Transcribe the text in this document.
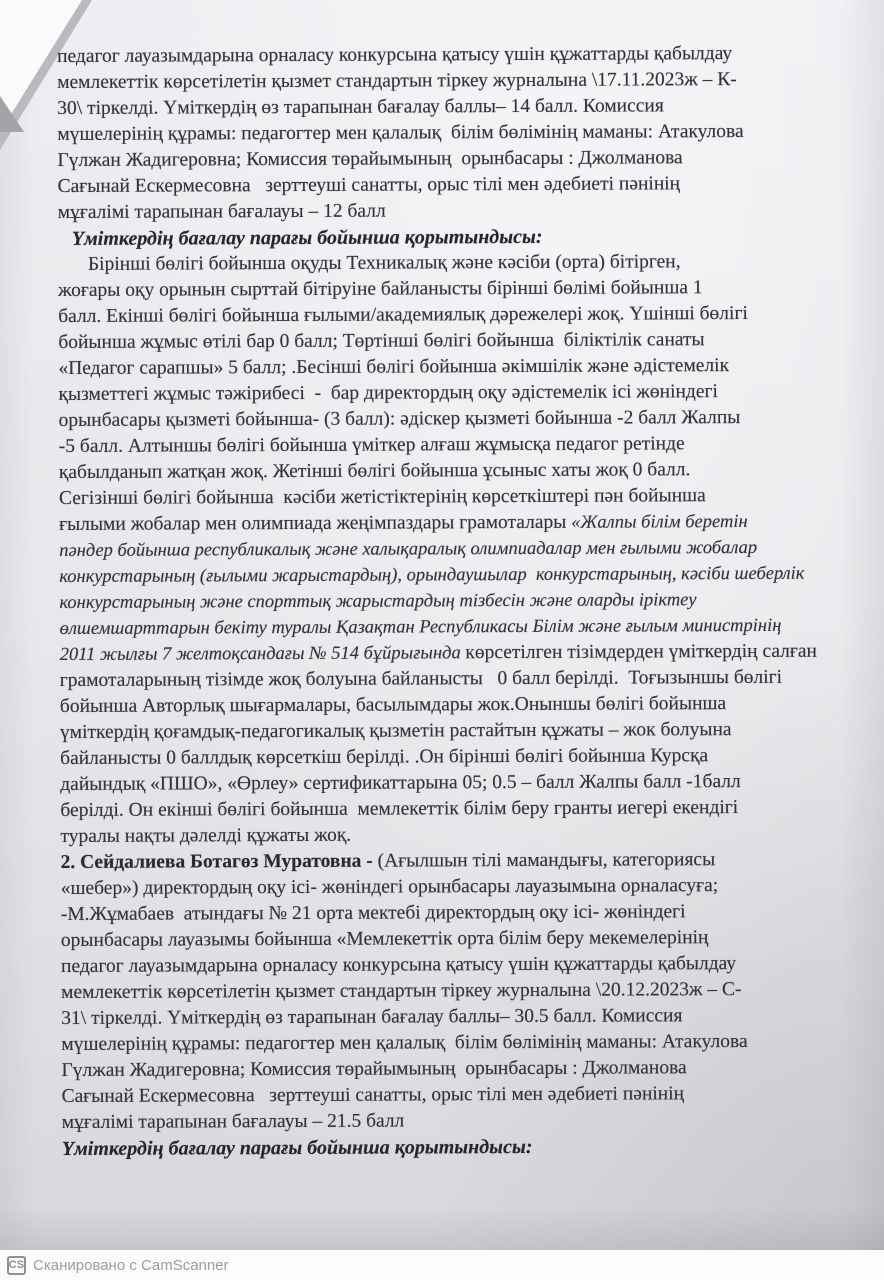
педагог лауазымдарына орналасу конкурсына қатысу үшін құжаттарды қабылдау
мемлекеттік көрсетілетін қызмет стандартын тіркеу журналына \17.11.2023ж – К-
30\ тіркелді. Үміткердің өз тарапынан бағалау баллы– 14 балл. Комиссия
мүшелерінің құрамы: педагогтер мен қалалық  білім бөлімінің маманы: Атакулова
Гүлжан Жадигеровна; Комиссия төрайымының  орынбасары : Джолманова
Сағынай Ескермесовна   зерттеуші санатты, орыс тілі мен әдебиеті пәнінің
мұғалімі тарапынан бағалауы – 12 балл
Үміткердің бағалау парағы бойынша қорытындысы:
Бірінші бөлігі бойынша оқуды Техникалық және кәсіби (орта) бітірген,
жоғары оқу орынын сырттай бітіруіне байланысты бірінші бөлімі бойынша 1
балл. Екінші бөлігі бойынша ғылыми/академиялық дәрежелері жоқ. Үшінші бөлігі
бойынша жұмыс өтілі бар 0 балл; Төртінші бөлігі бойынша  біліктілік санаты
«Педагог сарапшы» 5 балл; .Бесінші бөлігі бойынша әкімшілік және әдістемелік
қызметтегі жұмыс тәжірибесі  -  бар директордың оқу әдістемелік ісі жөніндегі
орынбасары қызметі бойынша- (3 балл): әдіскер қызметі бойынша -2 балл Жалпы
-5 балл. Алтыншы бөлігі бойынша үміткер алғаш жұмысқа педагог ретінде
қабылданып жатқан жоқ. Жетінші бөлігі бойынша ұсыныс хаты жоқ 0 балл.
Сегізінші бөлігі бойынша  кәсіби жетістіктерінің көрсеткіштері пән бойынша
ғылыми жобалар мен олимпиада жеңімпаздары грамоталары «Жалпы білім беретін
пәндер бойынша республикалық және халықаралық олимпиадалар мен ғылыми жобалар
конкурстарының (ғылыми жарыстардың), орындаушылар  конкурстарының, кәсіби шеберлік
конкурстарының және спорттық жарыстардың тізбесін және оларды іріктеу
өлшемшарттарын бекіту туралы Қазақтан Республикасы Білім және ғылым министрінің
2011 жылғы 7 желтоқсандағы № 514 бұйрығында көрсетілген тізімдерден үміткердің салған
грамоталарының тізімде жоқ болуына байланысты   0 балл берілді.  Тоғызыншы бөлігі
бойынша Авторлық шығармалары, басылымдары жок.Оныншы бөлігі бойынша
үміткердің қоғамдық-педагогикалық қызметін растайтын құжаты – жок болуына
байланысты 0 баллдық көрсеткіш берілді. .Он бірінші бөлігі бойынша Курсқа
дайындық «ПШО», «Өрлеу» сертификаттарына 05; 0.5 – балл Жалпы балл -1балл
берілді. Он екінші бөлігі бойынша  мемлекеттік білім беру гранты иегері екендігі
туралы нақты дәлелді құжаты жоқ.
2. Сейдалиева Ботагөз Муратовна - (Ағылшын тілі мамандығы, категориясы
«шебер») директордың оқу ісі- жөніндегі орынбасары лауазымына орналасуға;
-М.Жұмабаев  атындағы № 21 орта мектебі директордың оқу ісі- жөніндегі
орынбасары лауазымы бойынша «Мемлекеттік орта білім беру мекемелерінің
педагог лауазымдарына орналасу конкурсына қатысу үшін құжаттарды қабылдау
мемлекеттік көрсетілетін қызмет стандартын тіркеу журналына \20.12.2023ж – С-
31\ тіркелді. Үміткердің өз тарапынан бағалау баллы– 30.5 балл. Комиссия
мүшелерінің құрамы: педагогтер мен қалалық  білім бөлімінің маманы: Атакулова
Гүлжан Жадигеровна; Комиссия төрайымының  орынбасары : Джолманова
Сағынай Ескермесовна   зерттеуші санатты, орыс тілі мен әдебиеті пәнінің
мұғалімі тарапынан бағалауы – 21.5 балл
Үміткердің бағалау парағы бойынша қорытындысы:
CS Сканировано с CamScanner
